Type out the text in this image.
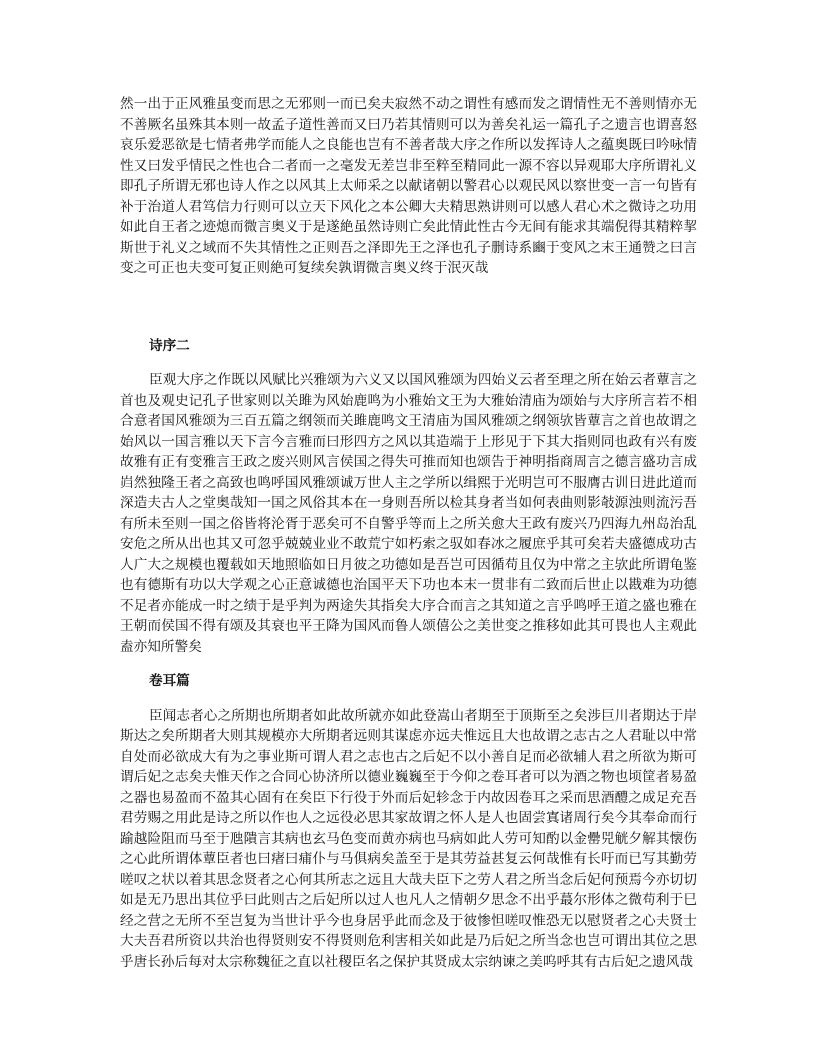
然一出于正风雅虽变而思之无邪则一而已矣夫寂然不动之谓性有感而发之谓情性无不善则情亦无不善厥名虽殊其本则一故孟子道性善而又曰乃若其情则可以为善矣礼运一篇孔子之遗言也谓喜怒哀乐爱恶欲是七情者弗学而能人之良能也岂有不善者哉大序之作所以发挥诗人之蕴奥既曰吟咏情性又曰发乎情民之性也合二者而一之毫发无差岂非至粹至精同此一源不容以异观耶大序所谓礼义即孔子所谓无邪也诗人作之以风其上太师采之以献诸朝以警君心以观民风以察世变一言一句皆有补于治道人君笃信力行则可以立天下风化之本公卿大夫精思熟讲则可以感人君心术之微诗之功用如此自王者之迹熄而微言奥义于是遂絶虽然诗则亡矣此情此性古今无间有能求其端倪得其精粹挈斯世于礼义之域而不失其情性之正则吾之泽即先王之泽也孔子删诗系豳于变风之末王通赞之曰言变之可正也夫变可复正则絶可复续矣孰谓微言奥义终于泯灭哉

诗序二

臣观大序之作既以风赋比兴雅颂为六义又以国风雅颂为四始义云者至理之所在始云者蕈言之首也及观史记孔子世家则以关雎为风始鹿鸣为小雅始文王为大雅始清庙为颂始与大序所言若不相合意者国风雅颂为三百五篇之纲领而关雎鹿鸣文王清庙为国风雅颂之纲领欤皆蕈言之首也故谓之始风以一国言雅以天下言今言雅而曰形四方之风以其造端于上形见于下其大指则同也政有兴有废故雅有正有变雅言王政之废兴则风言侯国之得失可推而知也颂告于神明指商周言之德言盛功言成岿然独隆王者之高致也鸣呼国风雅颂诚万世人主之学所以缉熙于光明岂可不服膺古训日进此道而深造夫古人之堂奥哉知一国之风俗其本在一身则吾所以检其身者当如何表曲则影攲源浊则流污吾有所未至则一国之俗皆将沦胥于恶矣可不自警乎等而上之所关愈大王政有废兴乃四海九州岛治乱安危之所从出也其又可忽乎兢兢业业不敢荒宁如朽索之驭如春冰之履庶乎其可矣若夫盛德成功古人广大之规模也覆载如天地照临如日月彼之功德如是吾岂可因循苟且仅为中常之主欤此所谓龟鉴也有德斯有功以大学观之心正意诚德也治国平天下功也本末一贯非有二致而后世止以戡难为功德不足者亦能成一时之绩于是乎判为两途失其指矣大序合而言之其知道之言乎鸣呼王道之盛也雅在王朝而侯国不得有颂及其衰也平王降为国风而鲁人颂僖公之美世变之推移如此其可畏也人主观此盍亦知所警矣

卷耳篇

臣闻志者心之所期也所期者如此故所就亦如此登嵩山者期至于顶斯至之矣涉巨川者期达于岸斯达之矣所期者大则其规模亦大所期者远则其谋虑亦远夫惟远且大也故谓之志古之人君耻以中常自处而必欲成大有为之事业斯可谓人君之志也古之后妃不以小善自足而必欲辅人君之所欲为斯可谓后妃之志矣夫惟天作之合同心协济所以德业巍巍至于今仰之卷耳者可以为酒之物也顷筐者易盈之器也易盈而不盈其心固有在矣臣下行役于外而后妃轸念于内故因卷耳之采而思酒醴之成足充吾君劳赐之用此是诗之所以作也人之远役必思其家故谓之怀人是人也固尝寘诸周行矣今其奉命而行踰越险阻而马至于虺隤言其病也玄马色变而黄亦病也马病如此人劳可知酌以金罍兕觥夕解其懐伤之心此所谓体蕈臣者也曰瘏曰痡仆与马俱病矣盖至于是其劳益甚复云何哉惟有长吁而已写其勤劳嗟叹之状以着其思念贤者之心何其所志之远且大哉夫臣下之劳人君之所当念后妃何预焉今亦切切如是无乃思出其位乎曰此则古之后妃所以过人也凡人之情朝夕思念不出乎蕞尔形体之微苟利于巳经之营之无所不至岂复为当世计乎今也身居乎此而念及于彼惨怛嗟叹惟恐无以慰贤者之心夫贤士大夫吾君所资以共治也得贤则安不得贤则危利害相关如此是乃后妃之所当念也岂可谓出其位之思乎唐长孙后每对太宗称魏征之直以社稷臣名之保护其贤成太宗纳谏之美呜呼其有古后妃之遗风哉
